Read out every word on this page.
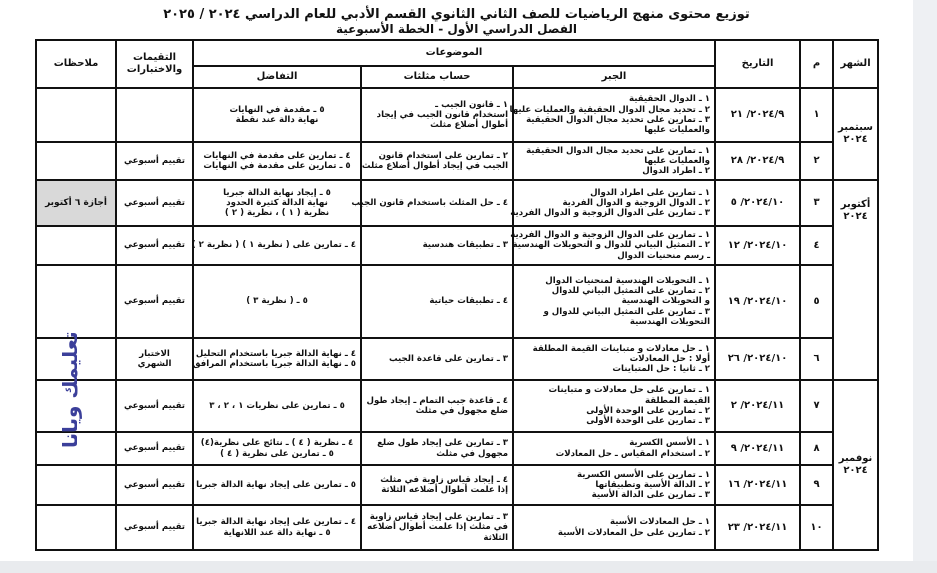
توزيع محتوى منهج الرياضيات للصف الثاني الثانوي القسم الأدبي للعام الدراسي ٢٠٢٤ / ٢٠٢٥
الفصل الدراسي الأول - الخطة الأسبوعية
الشهر	م	التاريخ	الموضوعات			التقيمات والاختبارات	ملاحظات
			الجبر	حساب مثلثات	التفاضل		

سبتمبر
٢٠٢٤	١	٢٠٢٤/٩/ ٢١	١ ـ الدوال الحقيقية
٢ ـ تحديد مجال الدوال الحقيقية والعمليات عليها
٣ ـ تمارين على تحديد مجال الدوال الحقيقية
والعمليات عليها	١ ـ قانون الجيب ـ
استخدام قانون الجيب في إيجاد
أطوال أضلاع مثلث	٥ ـ مقدمة في النهايات
نهاية دالة عند نقطة		

	٢	٢٠٢٤/٩/ ٢٨	١ ـ تمارين على تحديد مجال الدوال الحقيقية
والعمليات عليها
٢ ـ اطراد الدوال	٢ ـ تمارين على استخدام قانون
الجيب في إيجاد أطوال أضلاع مثلث	٤ ـ تمارين على مقدمة في النهايات
٥ ـ تمارين على مقدمة في النهايات	تقييم أسبوعي	

أكتوبر
٢٠٢٤	٣	٢٠٢٤/١٠/ ٥	١ ـ تمارين على اطراد الدوال
٢ ـ الدوال الزوجية و الدوال الفردية
٣ ـ تمارين على الدوال الزوجية و الدوال الفردية	٤ ـ حل المثلث باستخدام قانون الجيب	٥ ـ إيجاد نهاية الدالة جبريا
نهاية الدالة كثيرة الحدود
نظرية ( ١ ) ، نظرية ( ٢ )	تقييم أسبوعي	أجازة ٦ أكتوبر
	٤	٢٠٢٤/١٠/ ١٢	١ ـ تمارين على الدوال الزوجية و الدوال الفردية
٢ ـ التمثيل البياني للدوال و التحويلات الهندسية
ـ رسم منحنيات الدوال	٣ ـ تطبيقات هندسية	٤ ـ تمارين على ( نظرية ١ ) ( نظرية ٢ )	تقييم أسبوعي	
	٥	٢٠٢٤/١٠/ ١٩	١ ـ التحويلات الهندسية لمنحنيات الدوال
٢ ـ تمارين على التمثيل البياني للدوال
و التحويلات الهندسية
٣ ـ تمارين على التمثيل البياني للدوال و
التحويلات الهندسية	٤ ـ تطبيقات حياتية	٥ ـ ( نظرية ٣ )	تقييم أسبوعي	
	٦	٢٠٢٤/١٠/ ٢٦	١ ـ حل معادلات و متباينات القيمة المطلقة
أولا : حل المعادلات
٢ ـ ثانيا : حل المتباينات	٣ ـ تمارين على قاعدة الجيب	٤ ـ نهاية الدالة جبريا باستخدام التحليل
٥ ـ نهاية الدالة جبريا باستخدام المرافق	الاختبار الشهري	

نوفمبر
٢٠٢٤	٧	٢٠٢٤/١١/ ٢	١ ـ تمارين على حل معادلات و متباينات
القيمة المطلقة
٢ ـ تمارين على الوحدة الأولى
٣ ـ تمارين على الوحدة الأولى	٤ ـ قاعدة جيب التمام ـ إيجاد طول
ضلع مجهول في مثلث	٥ ـ تمارين على نظريات ١ ، ٢ ، ٣	تقييم أسبوعي	
	٨	٢٠٢٤/١١/ ٩	١ ـ الأسس الكسرية
٢ ـ استخدام المقياس ـ حل المعادلات	٣ ـ تمارين على إيجاد طول ضلع
مجهول في مثلث	٤ ـ نظرية ( ٤ ) ـ نتائج على نظرية(٤)
٥ ـ تمارين على نظرية ( ٤ )	تقييم أسبوعي	
	٩	٢٠٢٤/١١/ ١٦	١ ـ تمارين على الأسس الكسرية
٢ ـ الدالة الأسية وتطبيقاتها
٣ ـ تمارين على الدالة الأسية	٤ ـ إيجاد قياس زاوية في مثلث
إذا علمت أطوال أضلاعه الثلاثة	٥ ـ تمارين على إيجاد نهاية الدالة جبريا	تقييم أسبوعي	
	١٠	٢٠٢٤/١١/ ٢٣	١ ـ حل المعادلات الأسية
٢ ـ تمارين على حل المعادلات الأسية	٣ ـ تمارين على إيجاد قياس زاوية
في مثلث إذا علمت أطوال أضلاعه
الثلاثة	٤ ـ تمارين على إيجاد نهاية الدالة جبريا
٥ ـ نهاية دالة عند اللانهاية	تقييم أسبوعي	
تعليمك ويانا
